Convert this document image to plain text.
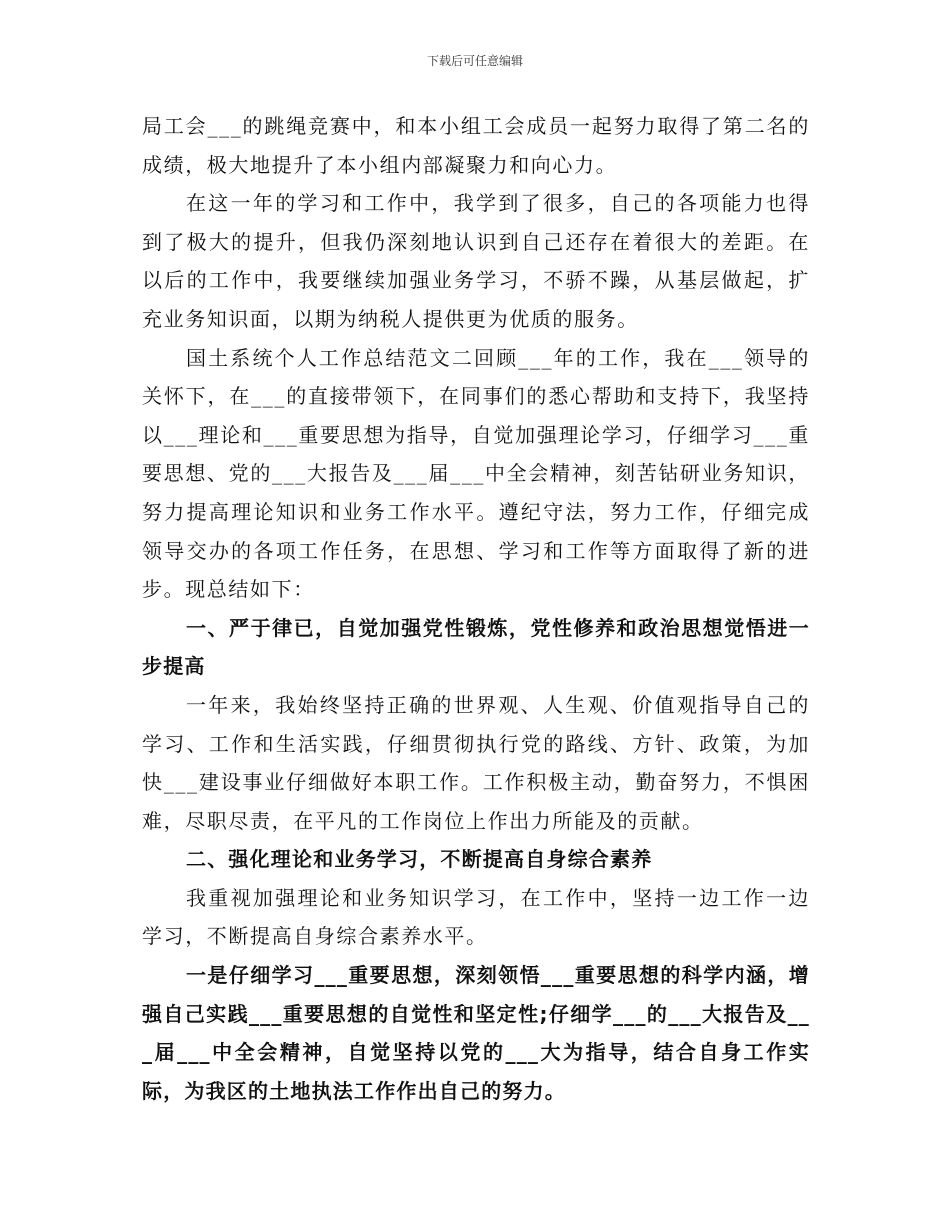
下载后可任意编辑

局工会___的跳绳竞赛中，和本小组工会成员一起努力取得了第二名的成绩，极大地提升了本小组内部凝聚力和向心力。

在这一年的学习和工作中，我学到了很多，自己的各项能力也得到了极大的提升，但我仍深刻地认识到自己还存在着很大的差距。在以后的工作中，我要继续加强业务学习，不骄不躁，从基层做起，扩充业务知识面，以期为纳税人提供更为优质的服务。

国土系统个人工作总结范文二回顾___年的工作，我在___领导的关怀下，在___的直接带领下，在同事们的悉心帮助和支持下，我坚持以___理论和___重要思想为指导，自觉加强理论学习，仔细学习___重要思想、党的___大报告及___届___中全会精神，刻苦钻研业务知识，努力提高理论知识和业务工作水平。遵纪守法，努力工作，仔细完成领导交办的各项工作任务，在思想、学习和工作等方面取得了新的进步。现总结如下：

一、严于律已，自觉加强党性锻炼，党性修养和政治思想觉悟进一步提高

一年来，我始终坚持正确的世界观、人生观、价值观指导自己的学习、工作和生活实践，仔细贯彻执行党的路线、方针、政策，为加快___建设事业仔细做好本职工作。工作积极主动，勤奋努力，不惧困难，尽职尽责，在平凡的工作岗位上作出力所能及的贡献。

二、强化理论和业务学习，不断提高自身综合素养

我重视加强理论和业务知识学习，在工作中，坚持一边工作一边学习，不断提高自身综合素养水平。

一是仔细学习___重要思想，深刻领悟___重要思想的科学内涵，增强自己实践___重要思想的自觉性和坚定性;仔细学___的___大报告及___届___中全会精神，自觉坚持以党的___大为指导，结合自身工作实际，为我区的土地执法工作作出自己的努力。
